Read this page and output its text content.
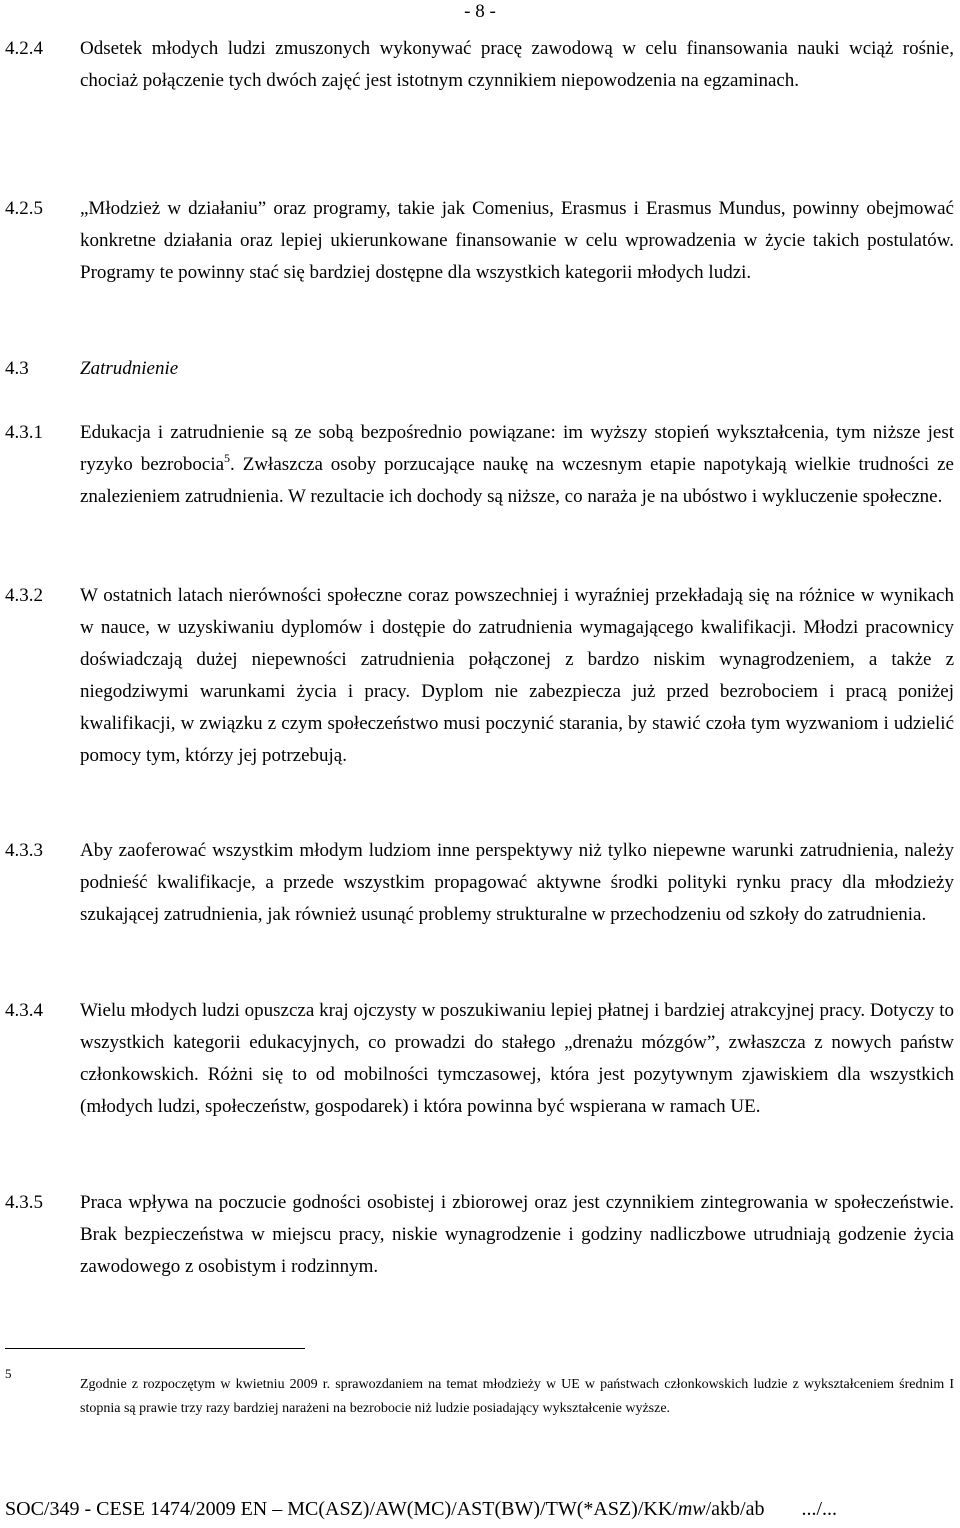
- 8 -
4.2.4	Odsetek młodych ludzi zmuszonych wykonywać pracę zawodową w celu finansowania nauki wciąż rośnie, chociaż połączenie tych dwóch zajęć jest istotnym czynnikiem niepowodzenia na egzaminach.
4.2.5	„Młodzież w działaniu” oraz programy, takie jak Comenius, Erasmus i Erasmus Mundus, powinny obejmować konkretne działania oraz lepiej ukierunkowane finansowanie w celu wprowadzenia w życie takich postulatów. Programy te powinny stać się bardziej dostępne dla wszystkich kategorii młodych ludzi.
4.3	Zatrudnienie
4.3.1	Edukacja i zatrudnienie są ze sobą bezpośrednio powiązane: im wyższy stopień wykształcenia, tym niższe jest ryzyko bezrobocia$^5$. Zwłaszcza osoby porzucające naukę na wczesnym etapie napotykają wielkie trudności ze znalezieniem zatrudnienia. W rezultacie ich dochody są niższe, co naraża je na ubóstwo i wykluczenie społeczne.
4.3.2	W ostatnich latach nierówności społeczne coraz powszechniej i wyraźniej przekładają się na różnice w wynikach w nauce, w uzyskiwaniu dyplomów i dostępie do zatrudnienia wymagającego kwalifikacji. Młodzi pracownicy doświadczają dużej niepewności zatrudnienia połączonej z bardzo niskim wynagrodzeniem, a także z niegodziwymi warunkami życia i pracy. Dyplom nie zabezpiecza już przed bezrobociem i pracą poniżej kwalifikacji, w związku z czym społeczeństwo musi poczynić starania, by stawić czoła tym wyzwaniom i udzielić pomocy tym, którzy jej potrzebują.
4.3.3	Aby zaoferować wszystkim młodym ludziom inne perspektywy niż tylko niepewne warunki zatrudnienia, należy podnieść kwalifikacje, a przede wszystkim propagować aktywne środki polityki rynku pracy dla młodzieży szukającej zatrudnienia, jak również usunąć problemy strukturalne w przechodzeniu od szkoły do zatrudnienia.
4.3.4	Wielu młodych ludzi opuszcza kraj ojczysty w poszukiwaniu lepiej płatnej i bardziej atrakcyjnej pracy. Dotyczy to wszystkich kategorii edukacyjnych, co prowadzi do stałego „drenażu mózgów”, zwłaszcza z nowych państw członkowskich. Różni się to od mobilności tymczasowej, która jest pozytywnym zjawiskiem dla wszystkich (młodych ludzi, społeczeństw, gospodarek) i która powinna być wspierana w ramach UE.
4.3.5	Praca wpływa na poczucie godności osobistej i zbiorowej oraz jest czynnikiem zintegrowania w społeczeństwie. Brak bezpieczeństwa w miejscu pracy, niskie wynagrodzenie i godziny nadliczbowe utrudniają godzenie życia zawodowego z osobistym i rodzinnym.
5
Zgodnie z rozpoczętym w kwietniu 2009 r. sprawozdaniem na temat młodzieży w UE w państwach członkowskich ludzie z wykształceniem średnim I stopnia są prawie trzy razy bardziej narażeni na bezrobocie niż ludzie posiadający wykształcenie wyższe.
SOC/349 - CESE 1474/2009 EN – MC(ASZ)/AW(MC)/AST(BW)/TW(*ASZ)/KK/mw/akb/ab .../...
